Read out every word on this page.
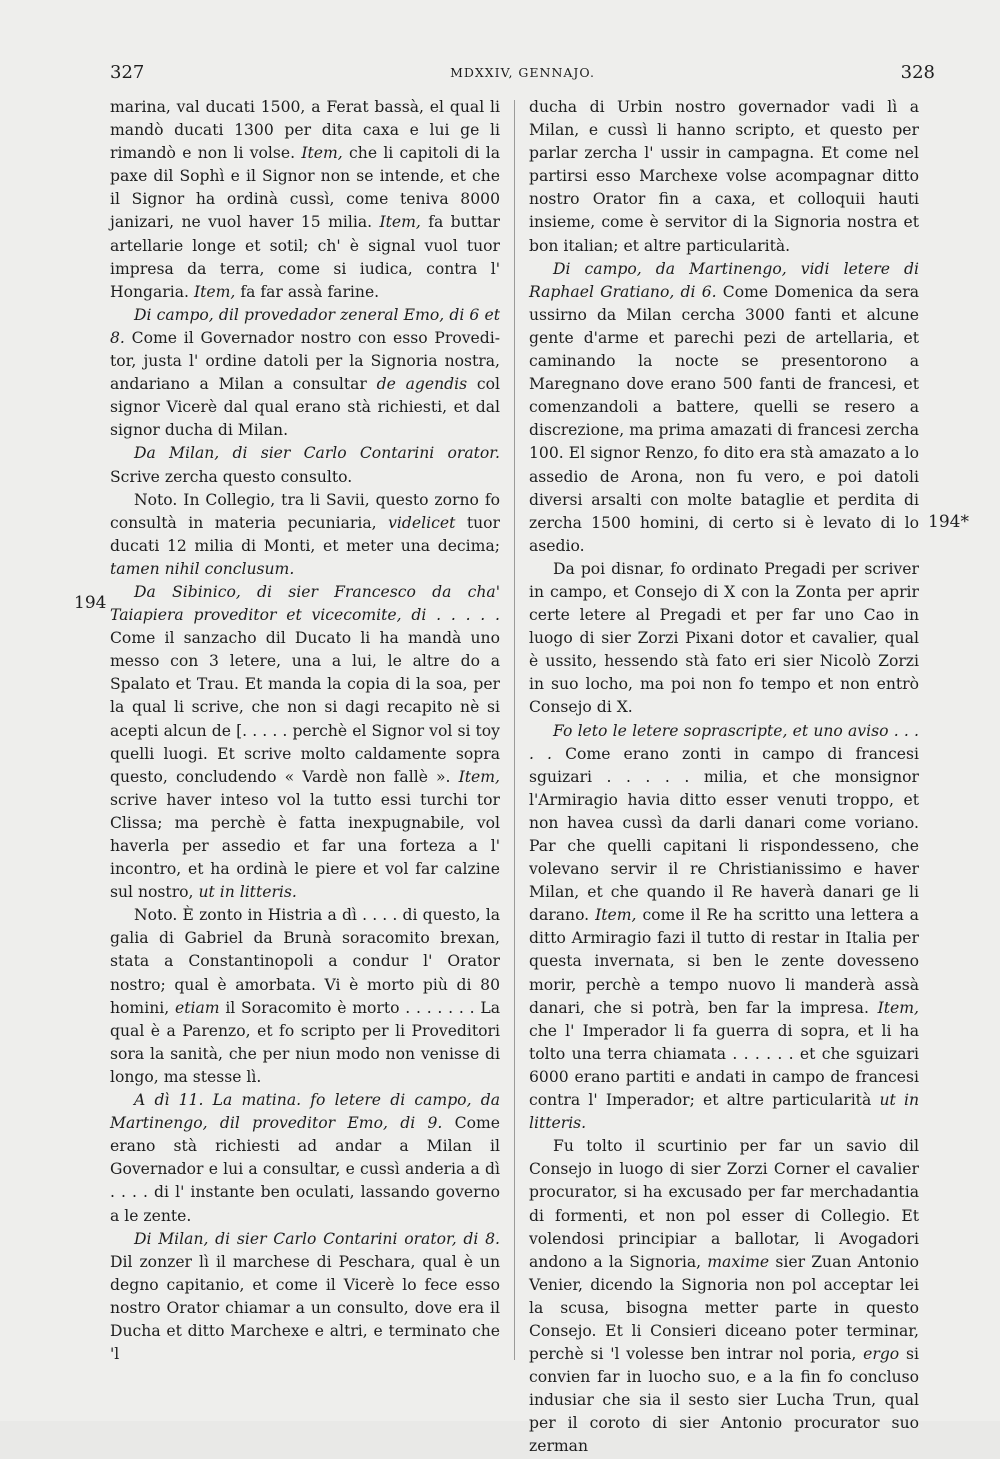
327	MDXXIV, GENNAJO.	328
194
194*

marina, val ducati 1500, a Ferat bassà, el qual li mandò ducati 1300 per dita caxa e lui ge li rimandò e non li volse. Item, che li capitoli di la paxe dil Sophì e il Signor non se intende, et che il Signor ha ordinà cussì, come teniva 8000 janizari, ne vuol haver 15 milia. Item, fa buttar artellarie longe et sotil; ch' è signal vuol tuor impresa da terra, come si iudica, contra l' Hongaria. Item, fa far assà farine.

Di campo, dil provedador zeneral Emo, di 6 et 8. Come il Governador nostro con esso Proveditor, justa l' ordine datoli per la Signoria nostra, andariano a Milan a consultar de agendis col signor Vicerè dal qual erano stà richiesti, et dal signor ducha di Milan.

Da Milan, di sier Carlo Contarini orator. Scrive zercha questo consulto.

Noto. In Collegio, tra li Savii, questo zorno fo consultà in materia pecuniaria, videlicet tuor ducati 12 milia di Monti, et meter una decima; tamen nihil conclusum.

Da Sibinico, di sier Francesco da cha' Taiapiera proveditor et vicecomite, di . . . . . Come il sanzacho dil Ducato li ha mandà uno messo con 3 letere, una a lui, le altre do a Spalato et Trau. Et manda la copia di la soa, per la qual li scrive, che non si dagi recapito nè si acepti alcun de [. . . . . perchè el Signor vol si toy quelli luogi. Et scrive molto caldamente sopra questo, concludendo « Vardè non fallè ». Item, scrive haver inteso vol la tutto essi turchi tor Clissa; ma perchè è fatta inexpugnabile, vol haverla per assedio et far una forteza a l' incontro, et ha ordinà le piere et vol far calzine sul nostro, ut in litteris.

Noto. È zonto in Histria a dì . . . . di questo, la galia di Gabriel da Brunà soracomito brexan, stata a Constantinopoli a condur l' Orator nostro; qual è amorbata. Vi è morto più di 80 homini, etiam il Soracomito è morto . . . . . . . La qual è a Parenzo, et fo scripto per li Proveditori sora la sanità, che per niun modo non venisse di longo, ma stesse lì.

A dì 11. La matina. fo letere di campo, da Martinengo, dil proveditor Emo, di 9. Come erano stà richiesti ad andar a Milan il Governador e lui a consultar, e cussì anderia a dì . . . . di l' instante ben oculati, lassando governo a le zente.

Di Milan, di sier Carlo Contarini orator, di 8. Dil zonzer lì il marchese di Peschara, qual è un degno capitanio, et come il Vicerè lo fece esso nostro Orator chiamar a un consulto, dove era il Ducha et ditto Marchexe e altri, e terminato che 'l

ducha di Urbin nostro governador vadi lì a Milan, e cussì li hanno scripto, et questo per parlar zercha l' ussir in campagna. Et come nel partirsi esso Marchexe volse acompagnar ditto nostro Orator fin a caxa, et colloquii hauti insieme, come è servitor di la Signoria nostra et bon italian; et altre particularità.

Di campo, da Martinengo, vidi letere di Raphael Gratiano, di 6. Come Domenica da sera ussirno da Milan cercha 3000 fanti et alcune gente d'arme et parechi pezi de artellaria, et caminando la nocte se presentorono a Maregnano dove erano 500 fanti de francesi, et comenzandoli a battere, quelli se resero a discrezione, ma prima amazati di francesi zercha 100. El signor Renzo, fo dito era stà amazato a lo assedio de Arona, non fu vero, e poi datoli diversi arsalti con molte bataglie et perdita di zercha 1500 homini, di certo si è levato di lo asedio.

Da poi disnar, fo ordinato Pregadi per scriver in campo, et Consejo di X con la Zonta per aprir certe letere al Pregadi et per far uno Cao in luogo di sier Zorzi Pixani dotor et cavalier, qual è ussito, hessendo stà fato eri sier Nicolò Zorzi in suo locho, ma poi non fo tempo et non entrò Consejo di X.

Fo leto le letere soprascripte, et uno aviso . . . . . Come erano zonti in campo di francesi sguizari . . . . . milia, et che monsignor l'Armiragio havia ditto esser venuti troppo, et non havea cussì da darli danari come voriano. Par che quelli capitani li rispondesseno, che volevano servir il re Christianissimo e haver Milan, et che quando il Re haverà danari ge li darano. Item, come il Re ha scritto una lettera a ditto Armiragio fazi il tutto di restar in Italia per questa invernata, si ben le zente dovesseno morir, perchè a tempo nuovo li manderà assà danari, che si potrà, ben far la impresa. Item, che l' Imperador li fa guerra di sopra, et li ha tolto una terra chiamata . . . . . . et che sguizari 6000 erano partiti e andati in campo de francesi contra l' Imperador; et altre particularità ut in litteris.

Fu tolto il scurtinio per far un savio dil Consejo in luogo di sier Zorzi Corner el cavalier procurator, si ha excusado per far merchadantia di formenti, et non pol esser di Collegio. Et volendosi principiar a ballotar, li Avogadori andono a la Signoria, maxime sier Zuan Antonio Venier, dicendo la Signoria non pol acceptar lei la scusa, bisogna metter parte in questo Consejo. Et li Consieri diceano poter terminar, perchè si 'l volesse ben intrar nol poria, ergo si convien far in luocho suo, e a la fin fo concluso indusiar che sia il sesto sier Lucha Trun, qual per il coroto di sier Antonio procurator suo zerman
